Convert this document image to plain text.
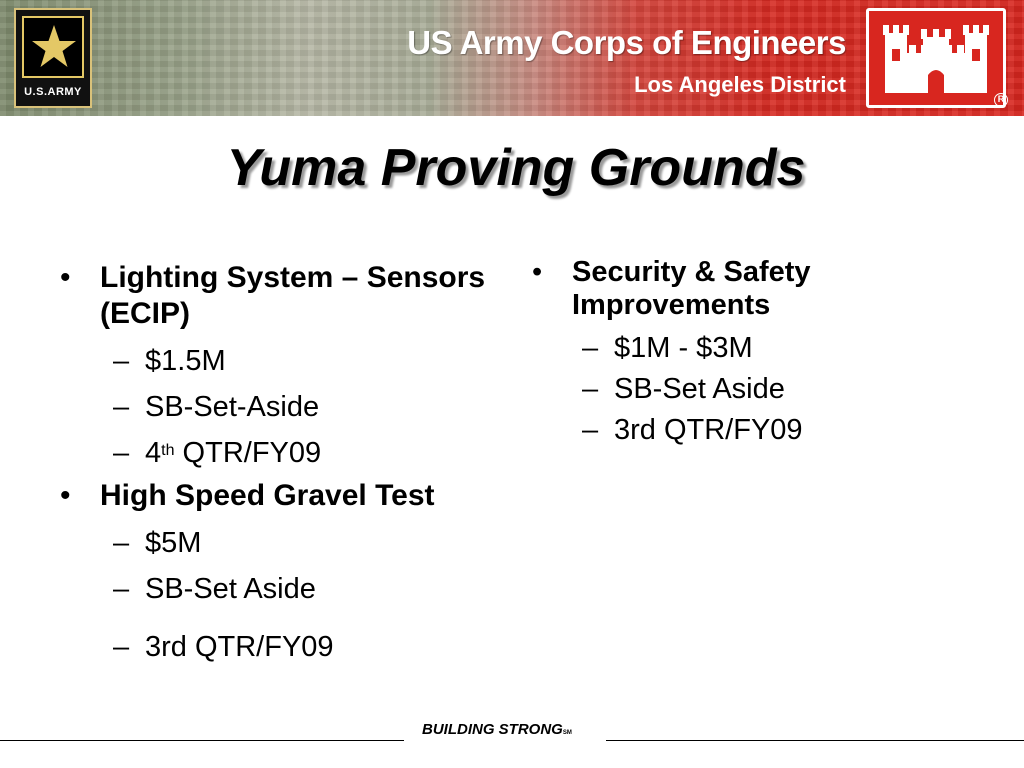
U.S.ARMY
US Army Corps of Engineers
Los Angeles District
R
Yuma Proving Grounds
• Lighting System – Sensors (ECIP)
– $1.5M
– SB-Set-Aside
– 4th QTR/FY09
• High Speed Gravel Test
– $5M
– SB-Set Aside
– 3rd QTR/FY09
• Security & Safety Improvements
– $1M - $3M
– SB-Set Aside
– 3rd QTR/FY09
BUILDING STRONGSM
